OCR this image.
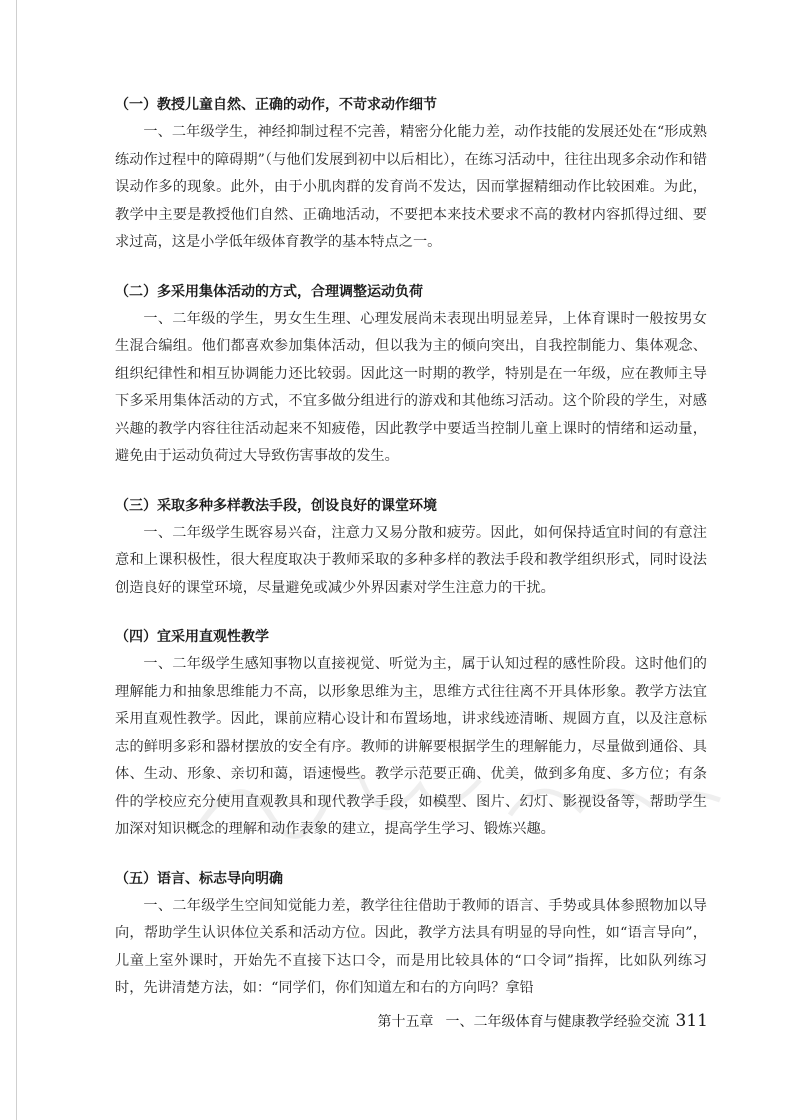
（一）教授儿童自然、正确的动作，不苛求动作细节

一、二年级学生，神经抑制过程不完善，精密分化能力差，动作技能的发展还处在“形成熟练动作过程中的障碍期”（与他们发展到初中以后相比），在练习活动中，往往出现多余动作和错误动作多的现象。此外，由于小肌肉群的发育尚不发达，因而掌握精细动作比较困难。为此，教学中主要是教授他们自然、正确地活动，不要把本来技术要求不高的教材内容抓得过细、要求过高，这是小学低年级体育教学的基本特点之一。

（二）多采用集体活动的方式，合理调整运动负荷

一、二年级的学生，男女生生理、心理发展尚未表现出明显差异，上体育课时一般按男女生混合编组。他们都喜欢参加集体活动，但以我为主的倾向突出，自我控制能力、集体观念、组织纪律性和相互协调能力还比较弱。因此这一时期的教学，特别是在一年级，应在教师主导下多采用集体活动的方式，不宜多做分组进行的游戏和其他练习活动。这个阶段的学生，对感兴趣的教学内容往往活动起来不知疲倦，因此教学中要适当控制儿童上课时的情绪和运动量，避免由于运动负荷过大导致伤害事故的发生。

（三）采取多种多样教法手段，创设良好的课堂环境

一、二年级学生既容易兴奋，注意力又易分散和疲劳。因此，如何保持适宜时间的有意注意和上课积极性，很大程度取决于教师采取的多种多样的教法手段和教学组织形式，同时设法创造良好的课堂环境，尽量避免或减少外界因素对学生注意力的干扰。

（四）宜采用直观性教学

一、二年级学生感知事物以直接视觉、听觉为主，属于认知过程的感性阶段。这时他们的理解能力和抽象思维能力不高，以形象思维为主，思维方式往往离不开具体形象。教学方法宜采用直观性教学。因此，课前应精心设计和布置场地，讲求线迹清晰、规圆方直，以及注意标志的鲜明多彩和器材摆放的安全有序。教师的讲解要根据学生的理解能力，尽量做到通俗、具体、生动、形象、亲切和蔼，语速慢些。教学示范要正确、优美，做到多角度、多方位；有条件的学校应充分使用直观教具和现代教学手段，如模型、图片、幻灯、影视设备等，帮助学生加深对知识概念的理解和动作表象的建立，提高学生学习、锻炼兴趣。

（五）语言、标志导向明确

一、二年级学生空间知觉能力差，教学往往借助于教师的语言、手势或具体参照物加以导向，帮助学生认识体位关系和活动方位。因此，教学方法具有明显的导向性，如“语言导向”，儿童上室外课时，开始先不直接下达口令，而是用比较具体的“口令词”指挥，比如队列练习时，先讲清楚方法，如：“同学们，你们知道左和右的方向吗？拿铅

第十五章 一、二年级体育与健康教学经验交流 311
